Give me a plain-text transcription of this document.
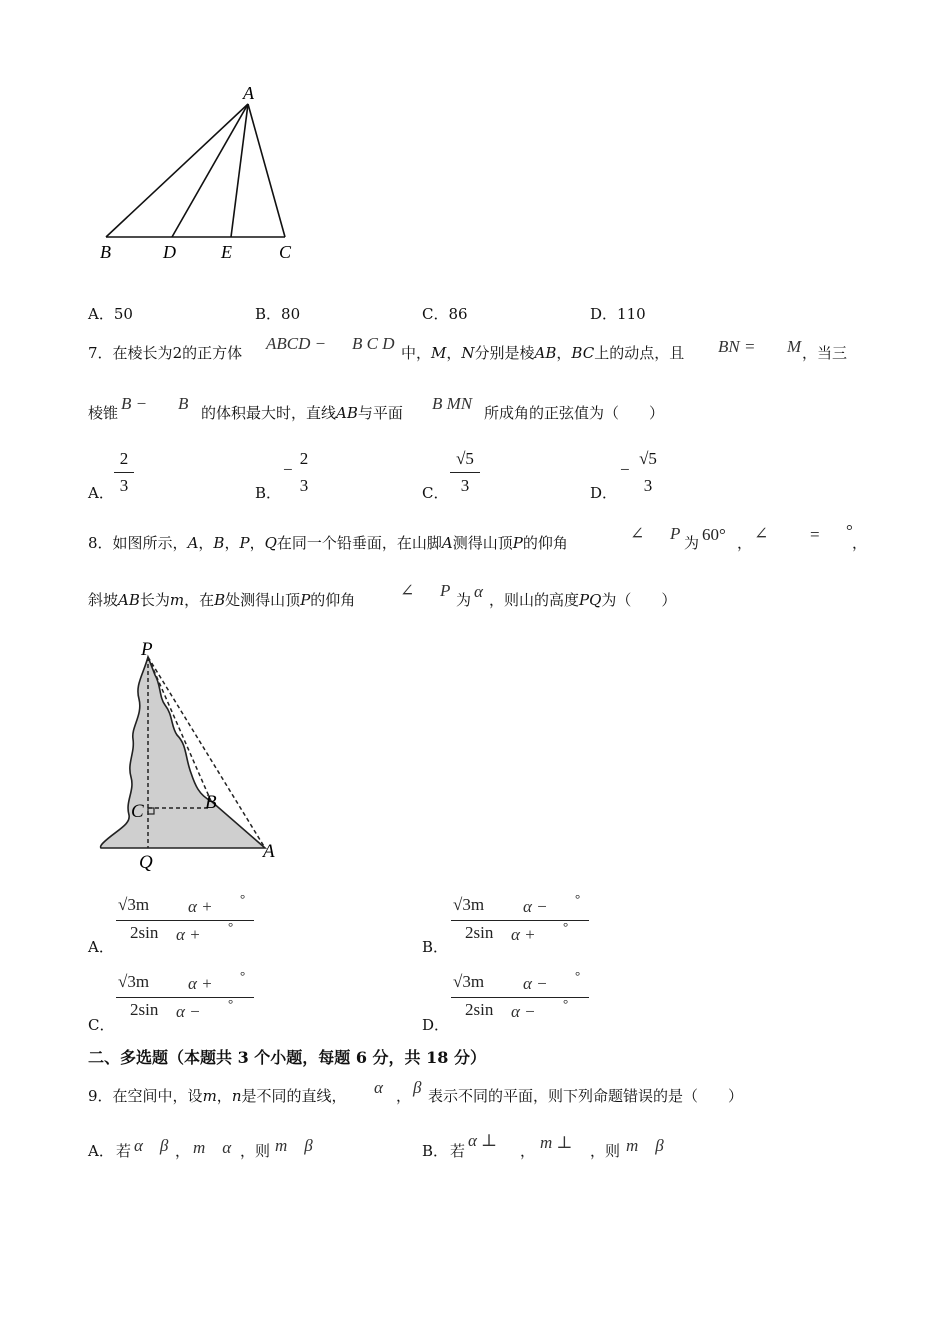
A
B	D	E	C
A．50	B．80	C．86	D．110
7．在棱长为2的正方体 ABCD − B C D 中，M，N分别是棱AB，BC上的动点，且 BN = M ，当三
棱锥 B − B 的体积最大时，直线AB与平面 B MN 所成角的正弦值为（　　）
A．
2
3	B．
−
2
3	C．
√5
3	D．
−
√5
3
8．如图所示，A，B，P，Q在同一个铅垂面，在山脚A测得山顶P的仰角	∠ P 为 60° ， ∠ = °
，
斜坡AB长为m，在B处测得山顶P的仰角	∠ P 为 α ，则山的高度PQ为（　　）
P
C	B
Q
A
A．
√3m α + °
2sin α + °
B．
√3m α − °
2sin α + °
C．
√3m α + °
2sin α − °
D．
√3m α − °
2sin α − °
二、多选题（本题共 3 个小题，每题 6 分，共 18 分）
9．在空间中，设m，n是不同的直线， α ， β 表示不同的平面，则下列命题错误的是（　　）
A． 若 α　β ， m　α ，则 m　β	B． 若
α ⊥
， m ⊥ ，则 m　β
